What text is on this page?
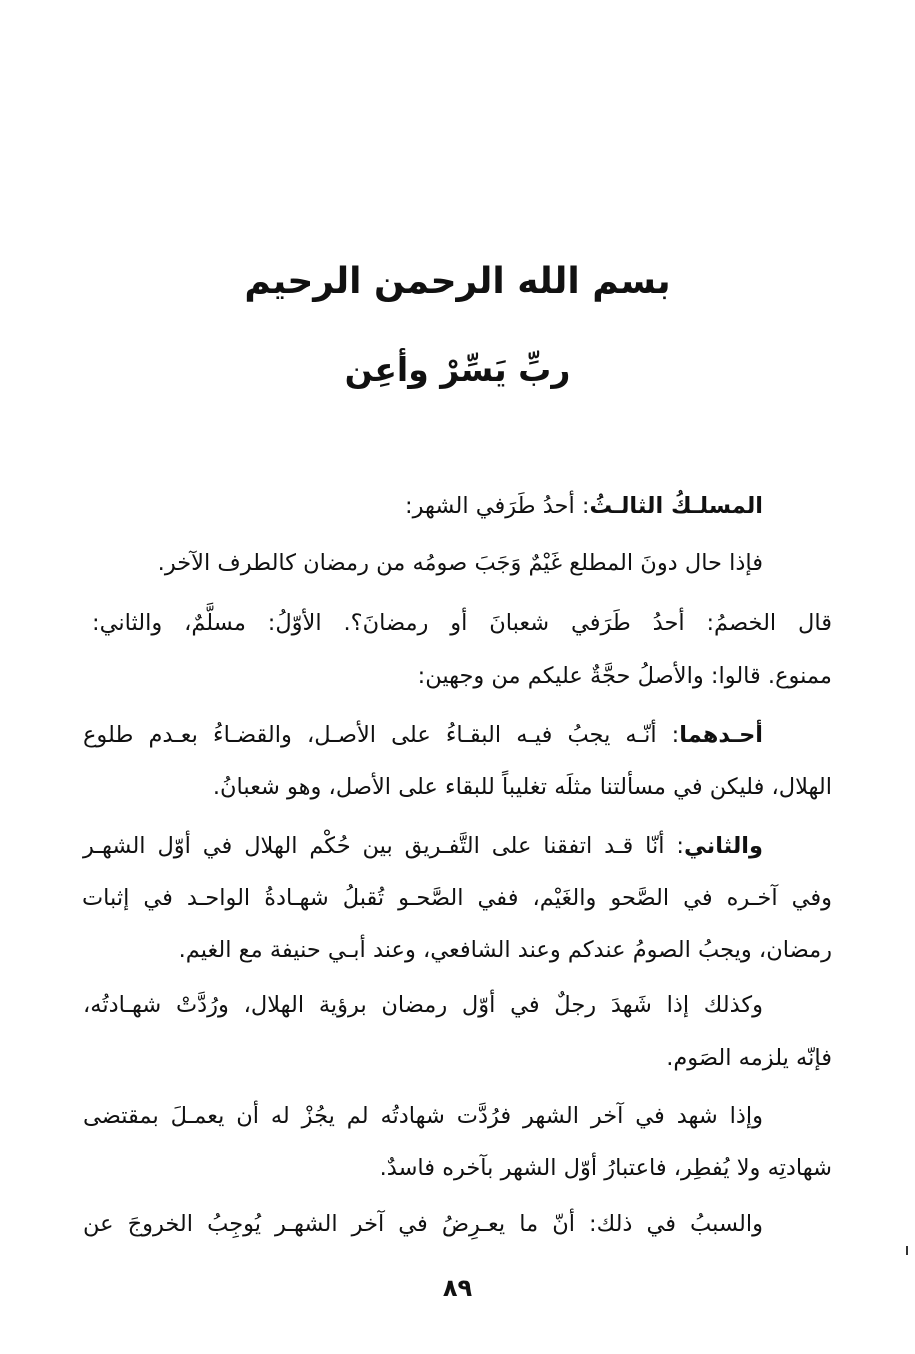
بسم الله الرحمن الرحيم
ربِّ يَسِّرْ وأعِن
المسلـكُ الثالـثُ: أحدُ طَرَفي الشهر:
فإذا حال دونَ المطلع غَيْمٌ وَجَبَ صومُه من رمضان كالطرف الآخر.
قال الخصمُ: أحدُ طَرَفي شعبانَ أو رمضانَ؟. الأوّلُ: مسلَّمٌ، والثاني:
ممنوع. قالوا: والأصلُ حجَّةٌ عليكم من وجهين:
أحـدهما: أنّـه يجبُ فيـه البقـاءُ على الأصـل، والقضـاءُ بعـدم طلوع
الهلال، فليكن في مسألتنا مثلَه تغليباً للبقاء على الأصل، وهو شعبانُ.
والثاني: أنّا قـد اتفقنا على التَّفـريق بين حُكْم الهلال في أوّل الشهـر
وفي آخـره في الصَّحو والغَيْم، ففي الصَّحـو تُقبلُ شهـادةُ الواحـد في إثبات
رمضان، ويجبُ الصومُ عندكم وعند الشافعي، وعند أبـي حنيفة مع الغيم.
وكذلك إذا شَهدَ رجلٌ في أوّل رمضان برؤية الهلال، ورُدَّتْ شهـادتُه،
فإنّه يلزمه الصَوم.
وإذا شهد في آخر الشهر فرُدَّت شهادتُه لم يجُزْ له أن يعمـلَ بمقتضى
شهادتِه ولا يُفطِر، فاعتبارُ أوّل الشهر بآخره فاسدٌ.
والسببُ في ذلك: أنّ ما يعـرِضُ في آخر الشهـر يُوجِبُ الخروجَ عن
٨٩
